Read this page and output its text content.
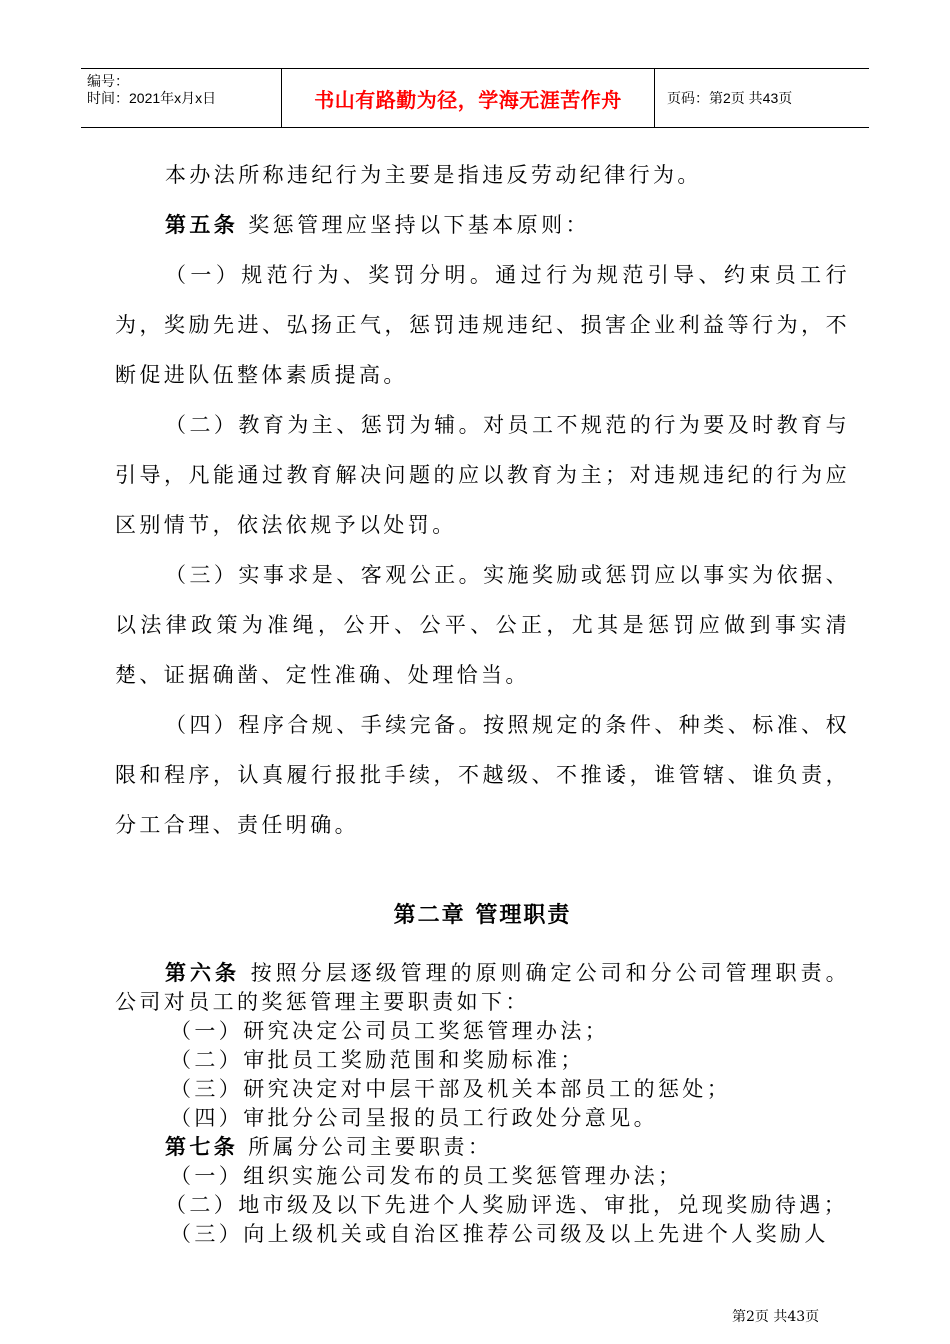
编号：
时间：2021年x月x日	书山有路勤为径，学海无涯苦作舟	页码：第2页 共43页

本办法所称违纪行为主要是指违反劳动纪律行为。

第五条 奖惩管理应坚持以下基本原则：

（一）规范行为、奖罚分明。通过行为规范引导、约束员工行为，奖励先进、弘扬正气，惩罚违规违纪、损害企业利益等行为，不断促进队伍整体素质提高。

（二）教育为主、惩罚为辅。对员工不规范的行为要及时教育与引导，凡能通过教育解决问题的应以教育为主；对违规违纪的行为应区别情节，依法依规予以处罚。

（三）实事求是、客观公正。实施奖励或惩罚应以事实为依据、以法律政策为准绳，公开、公平、公正，尤其是惩罚应做到事实清楚、证据确凿、定性准确、处理恰当。

（四）程序合规、手续完备。按照规定的条件、种类、标准、权限和程序，认真履行报批手续，不越级、不推诿，谁管辖、谁负责，分工合理、责任明确。

第二章 管理职责

第六条 按照分层逐级管理的原则确定公司和分公司管理职责。公司对员工的奖惩管理主要职责如下：

（一）研究决定公司员工奖惩管理办法；

（二）审批员工奖励范围和奖励标准；

（三）研究决定对中层干部及机关本部员工的惩处；

（四）审批分公司呈报的员工行政处分意见。

第七条 所属分公司主要职责：

（一）组织实施公司发布的员工奖惩管理办法；

（二）地市级及以下先进个人奖励评选、审批，兑现奖励待遇；

（三）向上级机关或自治区推荐公司级及以上先进个人奖励人

第2页 共43页
